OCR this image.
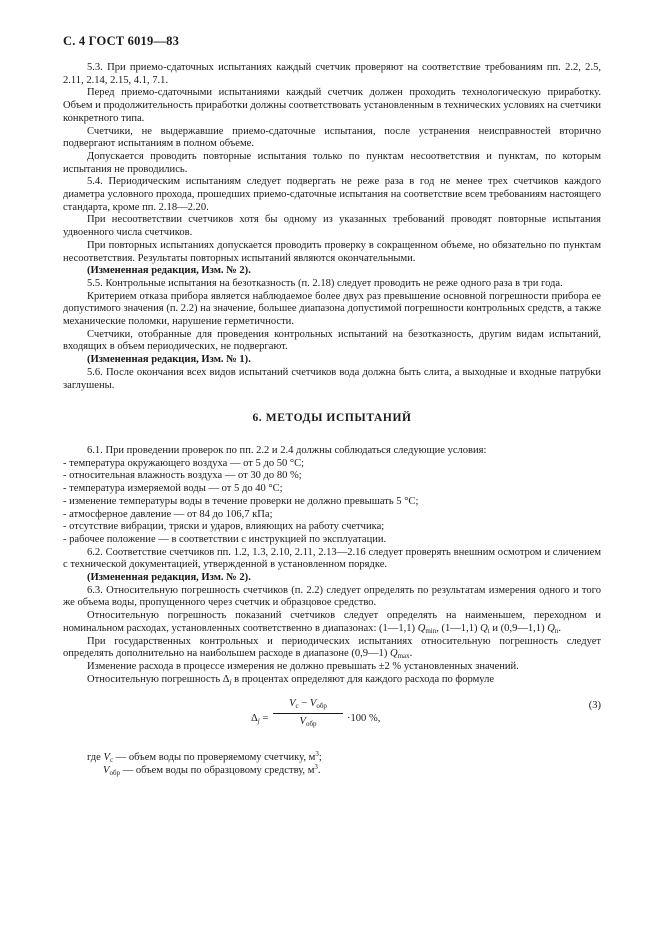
С. 4 ГОСТ 6019—83

5.3. При приемо-сдаточных испытаниях каждый счетчик проверяют на соответствие требованиям пп. 2.2, 2.5, 2.11, 2.14, 2.15, 4.1, 7.1.

Перед приемо-сдаточными испытаниями каждый счетчик должен проходить технологическую приработку. Объем и продолжительность приработки должны соответствовать установленным в технических условиях на счетчики конкретного типа.

Счетчики, не выдержавшие приемо-сдаточные испытания, после устранения неисправностей вторично подвергают испытаниям в полном объеме.

Допускается проводить повторные испытания только по пунктам несоответствия и пунктам, по которым испытания не проводились.

5.4. Периодическим испытаниям следует подвергать не реже раза в год не менее трех счетчиков каждого диаметра условного прохода, прошедших приемо-сдаточные испытания на соответствие всем требованиям настоящего стандарта, кроме пп. 2.18—2.20.

При несоответствии счетчиков хотя бы одному из указанных требований проводят повторные испытания удвоенного числа счетчиков.

При повторных испытаниях допускается проводить проверку в сокращенном объеме, но обязательно по пунктам несоответствия. Результаты повторных испытаний являются окончательными.

(Измененная редакция, Изм. № 2).

5.5. Контрольные испытания на безотказность (п. 2.18) следует проводить не реже одного раза в три года.

Критерием отказа прибора является наблюдаемое более двух раз превышение основной погрешности прибора ее допустимого значения (п. 2.2) на значение, большее диапазона допустимой погрешности контрольных средств, а также механические поломки, нарушение герметичности.

Счетчики, отобранные для проведения контрольных испытаний на безотказность, другим видам испытаний, входящих в объем периодических, не подвергают.

(Измененная редакция, Изм. № 1).

5.6. После окончания всех видов испытаний счетчиков вода должна быть слита, а выходные и входные патрубки заглушены.

6. МЕТОДЫ ИСПЫТАНИЙ

6.1. При проведении проверок по пп. 2.2 и 2.4 должны соблюдаться следующие условия:

- температура окружающего воздуха — от 5 до 50 °С;

- относительная влажность воздуха — от 30 до 80 %;

- температура измеряемой воды — от 5 до 40 °С;

- изменение температуры воды в течение проверки не должно превышать 5 °С;

- атмосферное давление — от 84 до 106,7 кПа;

- отсутствие вибрации, тряски и ударов, влияющих на работу счетчика;

- рабочее положение — в соответствии с инструкцией по эксплуатации.

6.2. Соответствие счетчиков пп. 1.2, 1.3, 2.10, 2.11, 2.13—2.16 следует проверять внешним осмотром и сличением с технической документацией, утвержденной в установленном порядке.

(Измененная редакция, Изм. № 2).

6.3. Относительную погрешность счетчиков (п. 2.2) следует определять по результатам измерения одного и того же объема воды, пропущенного через счетчик и образцовое средство.

Относительную погрешность показаний счетчиков следует определять на наименьшем, переходном и номинальном расходах, установленных соответственно в диапазонах: (1—1,1) $Q_{min}$, (1—1,1) $Q_t$ и (0,9—1,1) $Q_n$.

При государственных контрольных и периодических испытаниях относительную погрешность следует определять дополнительно на наибольшем расходе в диапазоне (0,9—1) $Q_{max}$.

Изменение расхода в процессе измерения не должно превышать ±2 % установленных значений.

Относительную погрешность $\Delta_j$ в процентах определяют для каждого расхода по формуле

$\Delta_j$ =
$V_c - V_{обр}$
$V_{обр}$	·100 %,
(3)

где $V_c$ — объем воды по проверяемому счетчику, $м^3$;

$V_{обр}$ — объем воды по образцовому средству, $м^3$.
